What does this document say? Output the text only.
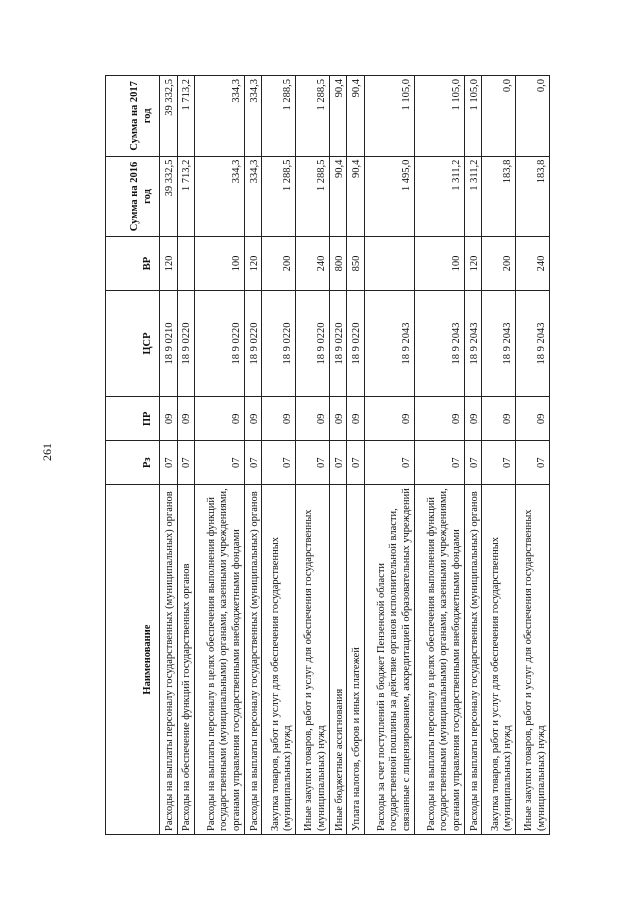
261
Наименование	Рз	ПР	ЦСР	ВР	Сумма на 2016 год	Сумма на 2017 год
Расходы на выплаты персоналу государственных (муниципальных) органов	07	09	18 9 0210	120	39 332,5	39 332,5
Расходы на обеспечение функций государственных органов	07	09	18 9 0220		1 713,2	1 713,2
Расходы на выплаты персоналу в целях обеспечения выполнения функций государственными (муниципальными) органами, казенными учреждениями, органами управления государственными внебюджетными фондами	07	09	18 9 0220	100	334,3	334,3
Расходы на выплаты персоналу государственных (муниципальных) органов	07	09	18 9 0220	120	334,3	334,3
Закупка товаров, работ и услуг для обеспечения государственных (муниципальных) нужд	07	09	18 9 0220	200	1 288,5	1 288,5
Иные закупки товаров, работ и услуг для обеспечения государственных (муниципальных) нужд	07	09	18 9 0220	240	1 288,5	1 288,5
Иные бюджетные ассигнования	07	09	18 9 0220	800	90,4	90,4
Уплата налогов, сборов и иных платежей	07	09	18 9 0220	850	90,4	90,4
Расходы за счет поступлений в бюджет Пензенской области государственной пошлины за действие органов исполнительной власти, связанные с лицензированием, аккредитацией образовательных учреждений	07	09	18 9 2043		1 495,0	1 105,0
Расходы на выплаты персоналу в целях обеспечения выполнения функций государственными (муниципальными) органами, казенными учреждениями, органами управления государственными внебюджетными фондами	07	09	18 9 2043	100	1 311,2	1 105,0
Расходы на выплаты персоналу государственных (муниципальных) органов	07	09	18 9 2043	120	1 311,2	1 105,0
Закупка товаров, работ и услуг для обеспечения государственных (муниципальных) нужд	07	09	18 9 2043	200	183,8	0,0
Иные закупки товаров, работ и услуг для обеспечения государственных (муниципальных) нужд	07	09	18 9 2043	240	183,8	0,0
